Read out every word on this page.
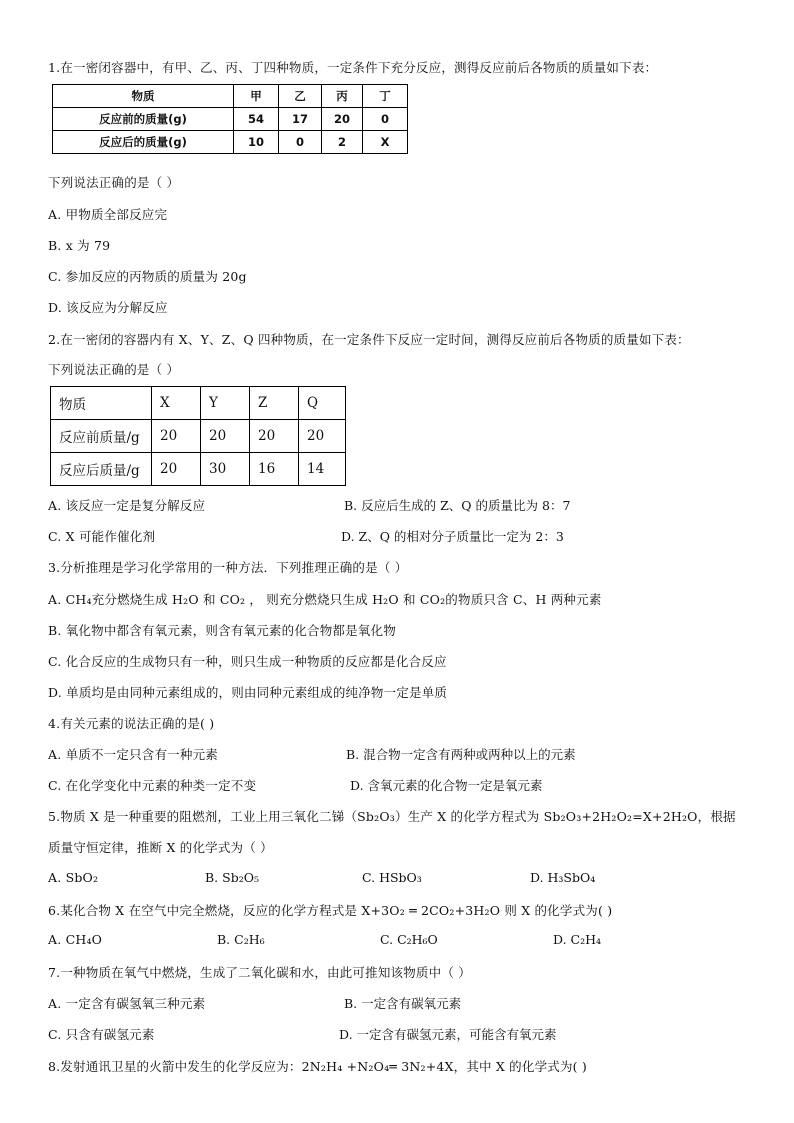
1.在一密闭容器中，有甲、乙、丙、丁四种物质，一定条件下充分反应，测得反应前后各物质的质量如下表：
物质	甲	乙	丙	丁
反应前的质量(g)	54	17	20	0
反应后的质量(g)	10	0	2	X
下列说法正确的是（ ）
A. 甲物质全部反应完
B. x 为 79
C. 参加反应的丙物质的质量为 20g
D. 该反应为分解反应
2.在一密闭的容器内有 X、Y、Z、Q 四种物质，在一定条件下反应一定时间，测得反应前后各物质的质量如下表：
下列说法正确的是（ ）
物质	X	Y	Z	Q
反应前质量/g	20	20	20	20
反应后质量/g	20	30	16	14
A. 该反应一定是复分解反应	B. 反应后生成的 Z、Q 的质量比为 8：7
C. X 可能作催化剂	D. Z、Q 的相对分子质量比一定为 2：3
3.分析推理是学习化学常用的一种方法．下列推理正确的是（ ）
A. CH₄充分燃烧生成 H₂O 和 CO₂ ， 则充分燃烧只生成 H₂O 和 CO₂的物质只含 C、H 两种元素
B. 氧化物中都含有氧元素，则含有氧元素的化合物都是氧化物
C. 化合反应的生成物只有一种，则只生成一种物质的反应都是化合反应
D. 单质均是由同种元素组成的，则由同种元素组成的纯净物一定是单质
4.有关元素的说法正确的是( )
A. 单质不一定只含有一种元素	B. 混合物一定含有两种或两种以上的元素
C. 在化学变化中元素的种类一定不变	D. 含氧元素的化合物一定是氧元素
5.物质 X 是一种重要的阻燃剂，工业上用三氧化二锑（Sb₂O₃）生产 X 的化学方程式为 Sb₂O₃+2H₂O₂=X+2H₂O，根据
质量守恒定律，推断 X 的化学式为（ ）
A. SbO₂	B. Sb₂O₅	C. HSbO₃	D. H₃SbO₄
6.某化合物 X 在空气中完全燃烧，反应的化学方程式是 X+3O₂ ═ 2CO₂+3H₂O 则 X 的化学式为( )
A. CH₄O	B. C₂H₆	C. C₂H₆O	D. C₂H₄
7.一种物质在氧气中燃烧，生成了二氧化碳和水，由此可推知该物质中（ ）
A. 一定含有碳氢氧三种元素	B. 一定含有碳氧元素
C. 只含有碳氢元素	D. 一定含有碳氢元素，可能含有氧元素
8.发射通讯卫星的火箭中发生的化学反应为：2N₂H₄ +N₂O₄═ 3N₂+4X，其中 X 的化学式为( )
